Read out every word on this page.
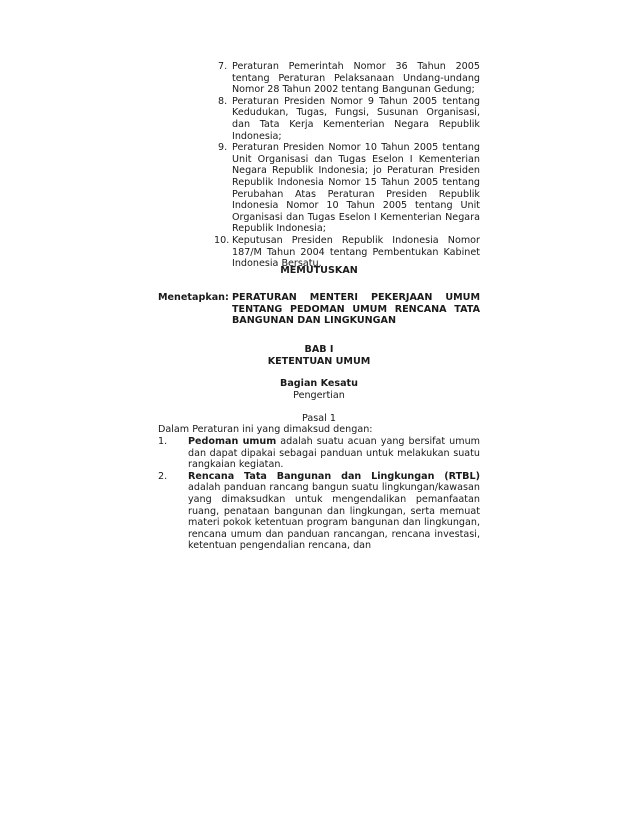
7. Peraturan Pemerintah Nomor 36 Tahun 2005 tentang Peraturan Pelaksanaan Undang-undang Nomor 28 Tahun 2002 tentang Bangunan Gedung;
8. Peraturan Presiden Nomor 9 Tahun 2005 tentang Kedudukan, Tugas, Fungsi, Susunan Organisasi, dan Tata Kerja Kementerian Negara Republik Indonesia;
9. Peraturan Presiden Nomor 10 Tahun 2005 tentang Unit Organisasi dan Tugas Eselon I Kementerian Negara Republik Indonesia; jo Peraturan Presiden Republik Indonesia Nomor 15 Tahun 2005 tentang Perubahan Atas Peraturan Presiden Republik Indonesia Nomor 10 Tahun 2005 tentang Unit Organisasi dan Tugas Eselon I Kementerian Negara Republik Indonesia;
10. Keputusan Presiden Republik Indonesia Nomor 187/M Tahun 2004 tentang Pembentukan Kabinet Indonesia Bersatu.
MEMUTUSKAN
Menetapkan: PERATURAN MENTERI PEKERJAAN UMUM TENTANG PEDOMAN UMUM RENCANA TATA BANGUNAN DAN LINGKUNGAN
BAB I
KETENTUAN UMUM
Bagian Kesatu
Pengertian
Pasal 1
Dalam Peraturan ini yang dimaksud dengan:
1.	Pedoman umum adalah suatu acuan yang bersifat umum dan dapat dipakai sebagai panduan untuk melakukan suatu rangkaian kegiatan.
2.	Rencana Tata Bangunan dan Lingkungan (RTBL) adalah panduan rancang bangun suatu lingkungan/kawasan yang dimaksudkan untuk mengendalikan pemanfaatan ruang, penataan bangunan dan lingkungan, serta memuat materi pokok ketentuan program bangunan dan lingkungan, rencana umum dan panduan rancangan, rencana investasi, ketentuan pengendalian rencana, dan
